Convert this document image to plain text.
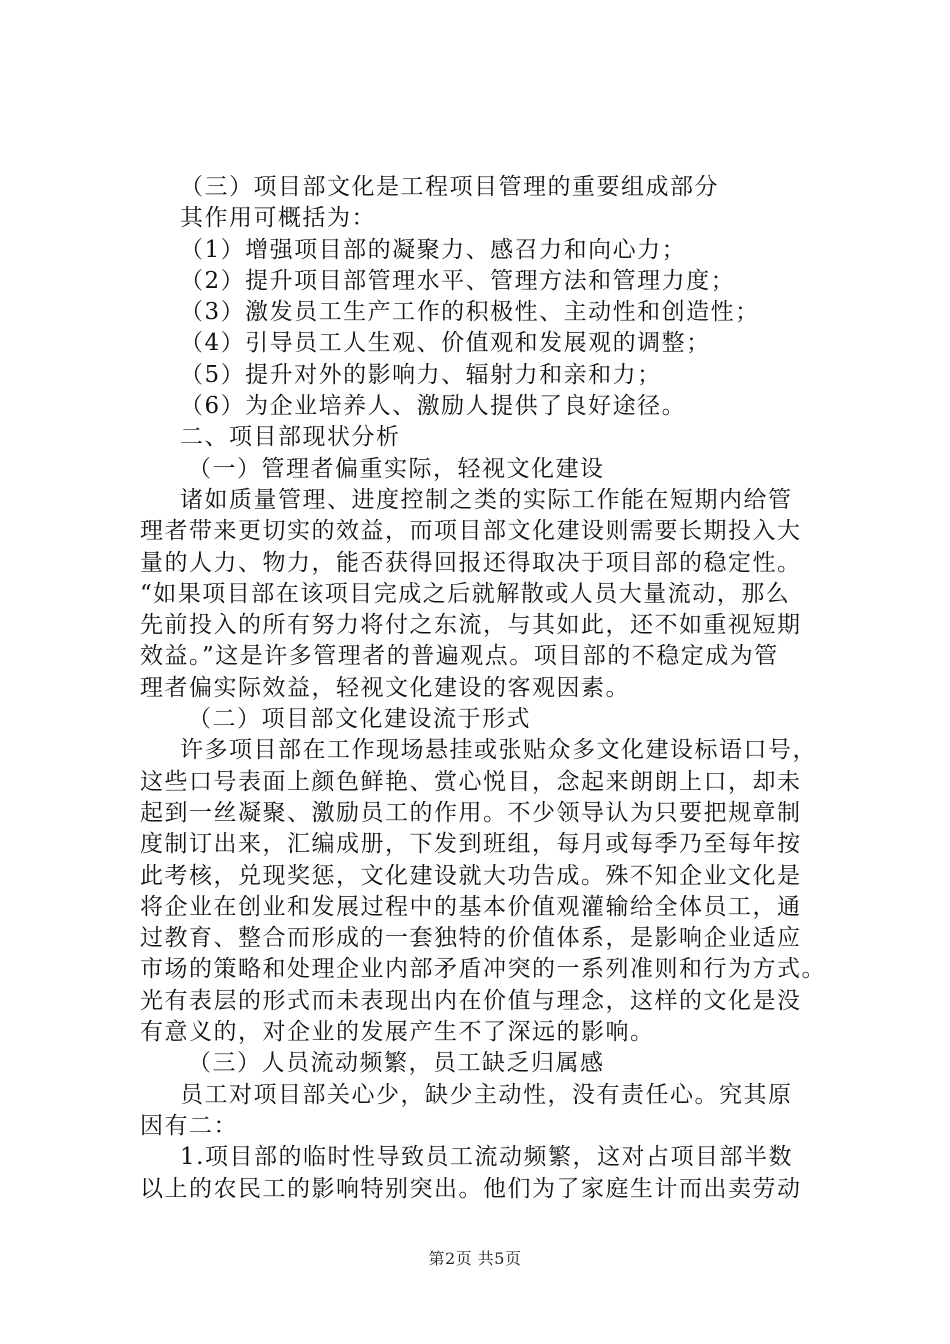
（三）项目部文化是工程项目管理的重要组成部分
其作用可概括为：
（1）增强项目部的凝聚力、感召力和向心力；
（2）提升项目部管理水平、管理方法和管理力度；
（3）激发员工生产工作的积极性、主动性和创造性；
（4）引导员工人生观、价值观和发展观的调整；
（5）提升对外的影响力、辐射力和亲和力；
（6）为企业培养人、激励人提供了良好途径。
二、项目部现状分析
（一）管理者偏重实际，轻视文化建设
诸如质量管理、进度控制之类的实际工作能在短期内给管
理者带来更切实的效益，而项目部文化建设则需要长期投入大
量的人力、物力，能否获得回报还得取决于项目部的稳定性。
“如果项目部在该项目完成之后就解散或人员大量流动，那么
先前投入的所有努力将付之东流，与其如此，还不如重视短期
效益。”这是许多管理者的普遍观点。项目部的不稳定成为管
理者偏实际效益，轻视文化建设的客观因素。
（二）项目部文化建设流于形式
许多项目部在工作现场悬挂或张贴众多文化建设标语口号，
这些口号表面上颜色鲜艳、赏心悦目，念起来朗朗上口，却未
起到一丝凝聚、激励员工的作用。不少领导认为只要把规章制
度制订出来，汇编成册，下发到班组，每月或每季乃至每年按
此考核，兑现奖惩，文化建设就大功告成。殊不知企业文化是
将企业在创业和发展过程中的基本价值观灌输给全体员工，通
过教育、整合而形成的一套独特的价值体系，是影响企业适应
市场的策略和处理企业内部矛盾冲突的一系列准则和行为方式。
光有表层的形式而未表现出内在价值与理念，这样的文化是没
有意义的，对企业的发展产生不了深远的影响。
（三）人员流动频繁，员工缺乏归属感
员工对项目部关心少，缺少主动性，没有责任心。究其原
因有二：
1.项目部的临时性导致员工流动频繁，这对占项目部半数
以上的农民工的影响特别突出。他们为了家庭生计而出卖劳动
第2页 共5页
